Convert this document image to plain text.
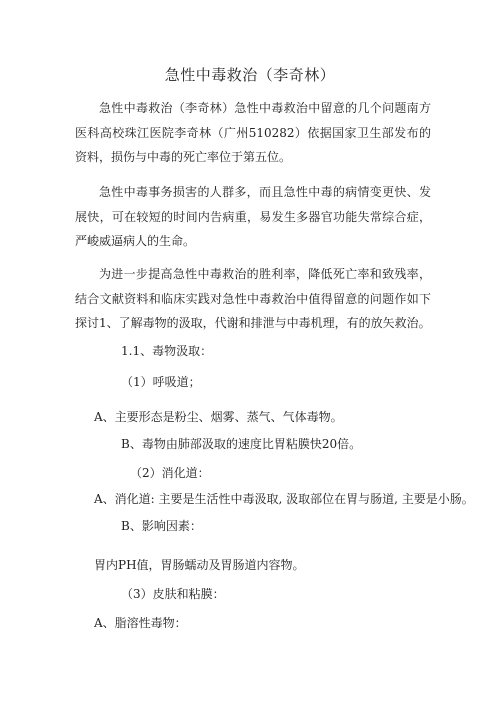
急性中毒救治（李奇林）
急性中毒救治（李奇林）急性中毒救治中留意的几个问题南方医科高校珠江医院李奇林（广州510282）依据国家卫生部发布的资料，损伤与中毒的死亡率位于第五位。
急性中毒事务损害的人群多，而且急性中毒的病情变更快、发展快，可在较短的时间内告病重，易发生多器官功能失常综合症，严峻威逼病人的生命。
为进一步提高急性中毒救治的胜利率，降低死亡率和致残率，结合文献资料和临床实践对急性中毒救治中值得留意的问题作如下探讨1、了解毒物的汲取，代谢和排泄与中毒机理，有的放矢救治。
1.1、毒物汲取：
（1）呼吸道；
A、主要形态是粉尘、烟雾、蒸气、气体毒物。
B、毒物由肺部汲取的速度比胃粘膜快20倍。
（2）消化道：
A、消化道: 主要是生活性中毒汲取, 汲取部位在胃与肠道, 主要是小肠。
B、影响因素：
胃内PH值，胃肠蠕动及胃肠道内容物。
（3）皮肤和粘膜：
A、脂溶性毒物：
